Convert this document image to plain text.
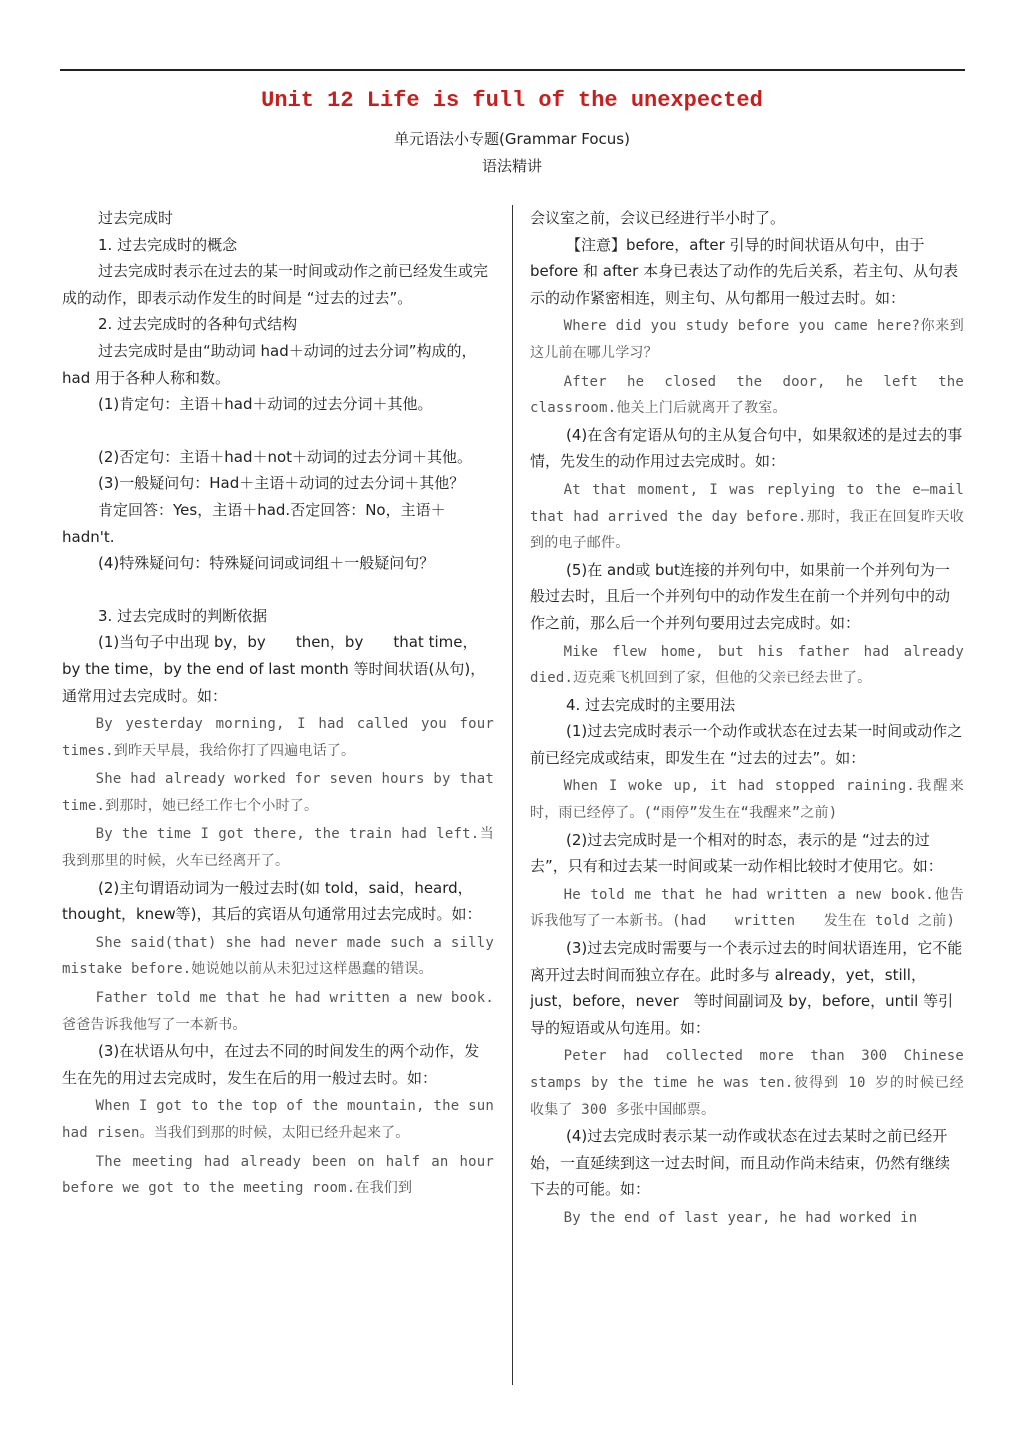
Unit 12 Life is full of the unexpected
单元语法小专题(Grammar Focus)
语法精讲

过去完成时

1. 过去完成时的概念

过去完成时表示在过去的某一时间或动作之前已经发生或完成的动作，即表示动作发生的时间是 “过去的过去”。

2. 过去完成时的各种句式结构

过去完成时是由“助动词 had＋动词的过去分词”构成的，had 用于各种人称和数。

(1)肯定句：主语＋had＋动词的过去分词＋其他。

(2)否定句：主语＋had＋not＋动词的过去分词＋其他。

(3)一般疑问句：Had＋主语＋动词的过去分词＋其他？

肯定回答：Yes，主语＋had.否定回答：No，主语＋hadn't.

(4)特殊疑问句：特殊疑问词或词组＋一般疑问句？

3. 过去完成时的判断依据

(1)当句子中出现 by，by　　then，by　　that time，by the time，by the end of last month 等时间状语(从句)，通常用过去完成时。如：

By yesterday morning, I had called you four times.到昨天早晨，我给你打了四遍电话了。

She had already worked for seven hours by that time.到那时，她已经工作七个小时了。

By the time I got there, the train had left.当我到那里的时候，火车已经离开了。

(2)主句谓语动词为一般过去时(如 told，said，heard，thought，knew等)，其后的宾语从句通常用过去完成时。如：

She said(that) she had never made such a silly mistake before.她说她以前从未犯过这样愚蠢的错误。

Father told me that he had written a new book.爸爸告诉我他写了一本新书。

(3)在状语从句中，在过去不同的时间发生的两个动作，发生在先的用过去完成时，发生在后的用一般过去时。如：

When I got to the top of the mountain, the sun had risen。当我们到那的时候，太阳已经升起来了。

The meeting had already been on half an hour before we got to the meeting room.在我们到

会议室之前，会议已经进行半小时了。

【注意】before，after 引导的时间状语从句中，由于 before 和 after 本身已表达了动作的先后关系，若主句、从句表示的动作紧密相连，则主句、从句都用一般过去时。如：

Where did you study before you came here?你来到这儿前在哪儿学习？

After he closed the door, he left the classroom.他关上门后就离开了教室。

(4)在含有定语从句的主从复合句中，如果叙述的是过去的事情，先发生的动作用过去完成时。如：

At that moment, I was replying to the e—mail that had arrived the day before.那时，我正在回复昨天收到的电子邮件。

(5)在 and或 but连接的并列句中，如果前一个并列句为一般过去时，且后一个并列句中的动作发生在前一个并列句中的动作之前，那么后一个并列句要用过去完成时。如：

Mike flew home, but his father had already died.迈克乘飞机回到了家，但他的父亲已经去世了。

4. 过去完成时的主要用法

(1)过去完成时表示一个动作或状态在过去某一时间或动作之前已经完成或结束，即发生在 “过去的过去”。如：

When I woke up, it had stopped raining.我醒来时，雨已经停了。(“雨停”发生在“我醒来”之前)

(2)过去完成时是一个相对的时态，表示的是 “过去的过去”，只有和过去某一时间或某一动作相比较时才使用它。如：

He told me that he had written a new book.他告诉我他写了一本新书。(had　　written　　发生在 told 之前)

(3)过去完成时需要与一个表示过去的时间状语连用，它不能离开过去时间而独立存在。此时多与 already，yet，still，just，before，never　等时间副词及 by，before，until 等引导的短语或从句连用。如：

Peter had collected more than 300 Chinese stamps by the time he was ten.彼得到 10 岁的时候已经收集了 300 多张中国邮票。

(4)过去完成时表示某一动作或状态在过去某时之前已经开始，一直延续到这一过去时间，而且动作尚未结束，仍然有继续下去的可能。如：

By the end of last year, he had worked in
